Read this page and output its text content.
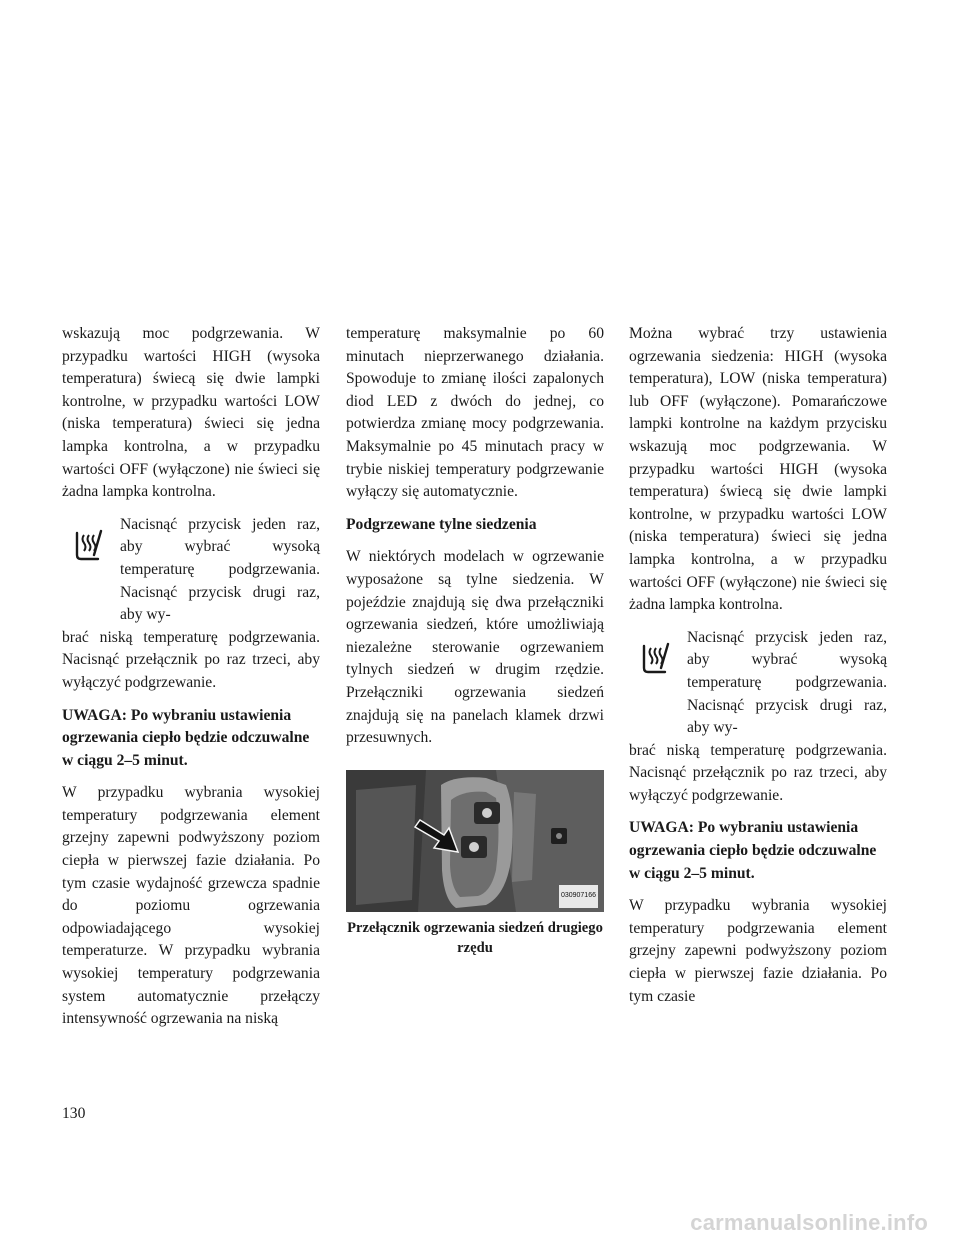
wskazują moc podgrzewania. W przypadku wartości HIGH (wysoka temperatura) świecą się dwie lampki kontrolne, w przypadku wartości LOW (niska temperatura) świeci się jedna lampka kontrolna, a w przypadku wartości OFF (wyłączone) nie świeci się żadna lampka kontrolna.

Nacisnąć przycisk jeden raz, aby wybrać wysoką temperaturę podgrzewania. Nacisnąć przycisk drugi raz, aby wy-
brać niską temperaturę podgrzewania. Nacisnąć przełącznik po raz trzeci, aby wyłączyć podgrzewanie.

UWAGA: Po wybraniu ustawienia ogrzewania ciepło będzie odczuwalne w ciągu 2–5 minut.

W przypadku wybrania wysokiej temperatury podgrzewania element grzejny zapewni podwyższony poziom ciepła w pierwszej fazie działania. Po tym czasie wydajność grzewcza spadnie do poziomu ogrzewania odpowiadającego wysokiej temperaturze. W przypadku wybrania wysokiej temperatury podgrzewania system automatycznie przełączy intensywność ogrzewania na niską

temperaturę maksymalnie po 60 minutach nieprzerwanego działania. Spowoduje to zmianę ilości zapalonych diod LED z dwóch do jednej, co potwierdza zmianę mocy podgrzewania. Maksymalnie po 45 minutach pracy w trybie niskiej temperatury podgrzewanie wyłączy się automatycznie.

Podgrzewane tylne siedzenia

W niektórych modelach w ogrzewanie wyposażone są tylne siedzenia. W pojeździe znajdują się dwa przełączniki ogrzewania siedzeń, które umożliwiają niezależne sterowanie ogrzewaniem tylnych siedzeń w drugim rzędzie. Przełączniki ogrzewania siedzeń znajdują się na panelach klamek drzwi przesuwnych.

030907166
Przełącznik ogrzewania siedzeń drugiego rzędu

Można wybrać trzy ustawienia ogrzewania siedzenia: HIGH (wysoka temperatura), LOW (niska temperatura) lub OFF (wyłączone). Pomarańczowe lampki kontrolne na każdym przycisku wskazują moc podgrzewania. W przypadku wartości HIGH (wysoka temperatura) świecą się dwie lampki kontrolne, w przypadku wartości LOW (niska temperatura) świeci się jedna lampka kontrolna, a w przypadku wartości OFF (wyłączone) nie świeci się żadna lampka kontrolna.

Nacisnąć przycisk jeden raz, aby wybrać wysoką temperaturę podgrzewania. Nacisnąć przycisk drugi raz, aby wy-
brać niską temperaturę podgrzewania. Nacisnąć przełącznik po raz trzeci, aby wyłączyć podgrzewanie.

UWAGA: Po wybraniu ustawienia ogrzewania ciepło będzie odczuwalne w ciągu 2–5 minut.

W przypadku wybrania wysokiej temperatury podgrzewania element grzejny zapewni podwyższony poziom ciepła w pierwszej fazie działania. Po tym czasie

130
carmanualsonline.info
